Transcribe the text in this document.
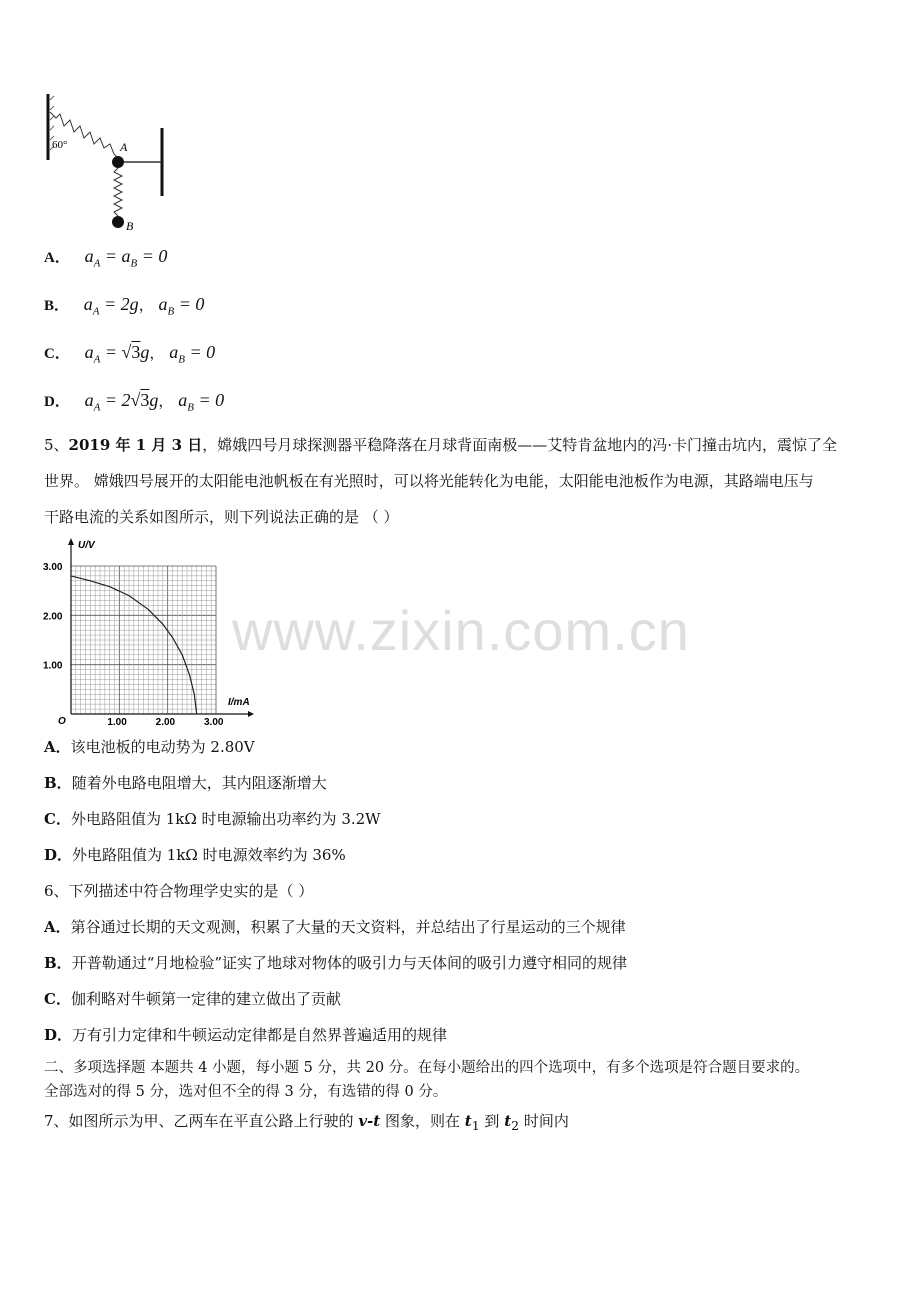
60°	A
B
A． $a_A = a_B = 0$
B． $a_A = 2g$， $a_B = 0$
C． $a_A = √3g$， $a_B = 0$
D． $a_A = 2√3g$， $a_B = 0$
5、2019 年 1 月 3 日，嫦娥四号月球探测器平稳降落在月球背面南极——艾特肯盆地内的冯·卡门撞击坑内，震惊了全
世界。 嫦娥四号展开的太阳能电池帆板在有光照时，可以将光能转化为电能，太阳能电池板作为电源，其路端电压与
干路电流的关系如图所示，则下列说法正确的是 （ ）
1.00	2.00	3.00
1.00
2.00
3.00
U/V
I/mA
O
www.zixin.com.cn
A．该电池板的电动势为 2.80V
B．随着外电路电阻增大，其内阻逐渐增大
C．外电路阻值为 1kΩ 时电源输出功率约为 3.2W
D．外电路阻值为 1kΩ 时电源效率约为 36%
6、下列描述中符合物理学史实的是（ ）
A．第谷通过长期的天文观测，积累了大量的天文资料，并总结出了行星运动的三个规律
B．开普勒通过“月地检验”证实了地球对物体的吸引力与天体间的吸引力遵守相同的规律
C．伽利略对牛顿第一定律的建立做出了贡献
D．万有引力定律和牛顿运动定律都是自然界普遍适用的规律
二、多项选择题 本题共 4 小题，每小题 5 分，共 20 分。在每小题给出的四个选项中，有多个选项是符合题目要求的。
全部选对的得 5 分，选对但不全的得 3 分，有选错的得 0 分。
7、如图所示为甲、乙两车在平直公路上行驶的 v-t 图象，则在 $t_1$ 到 $t_2$ 时间内
